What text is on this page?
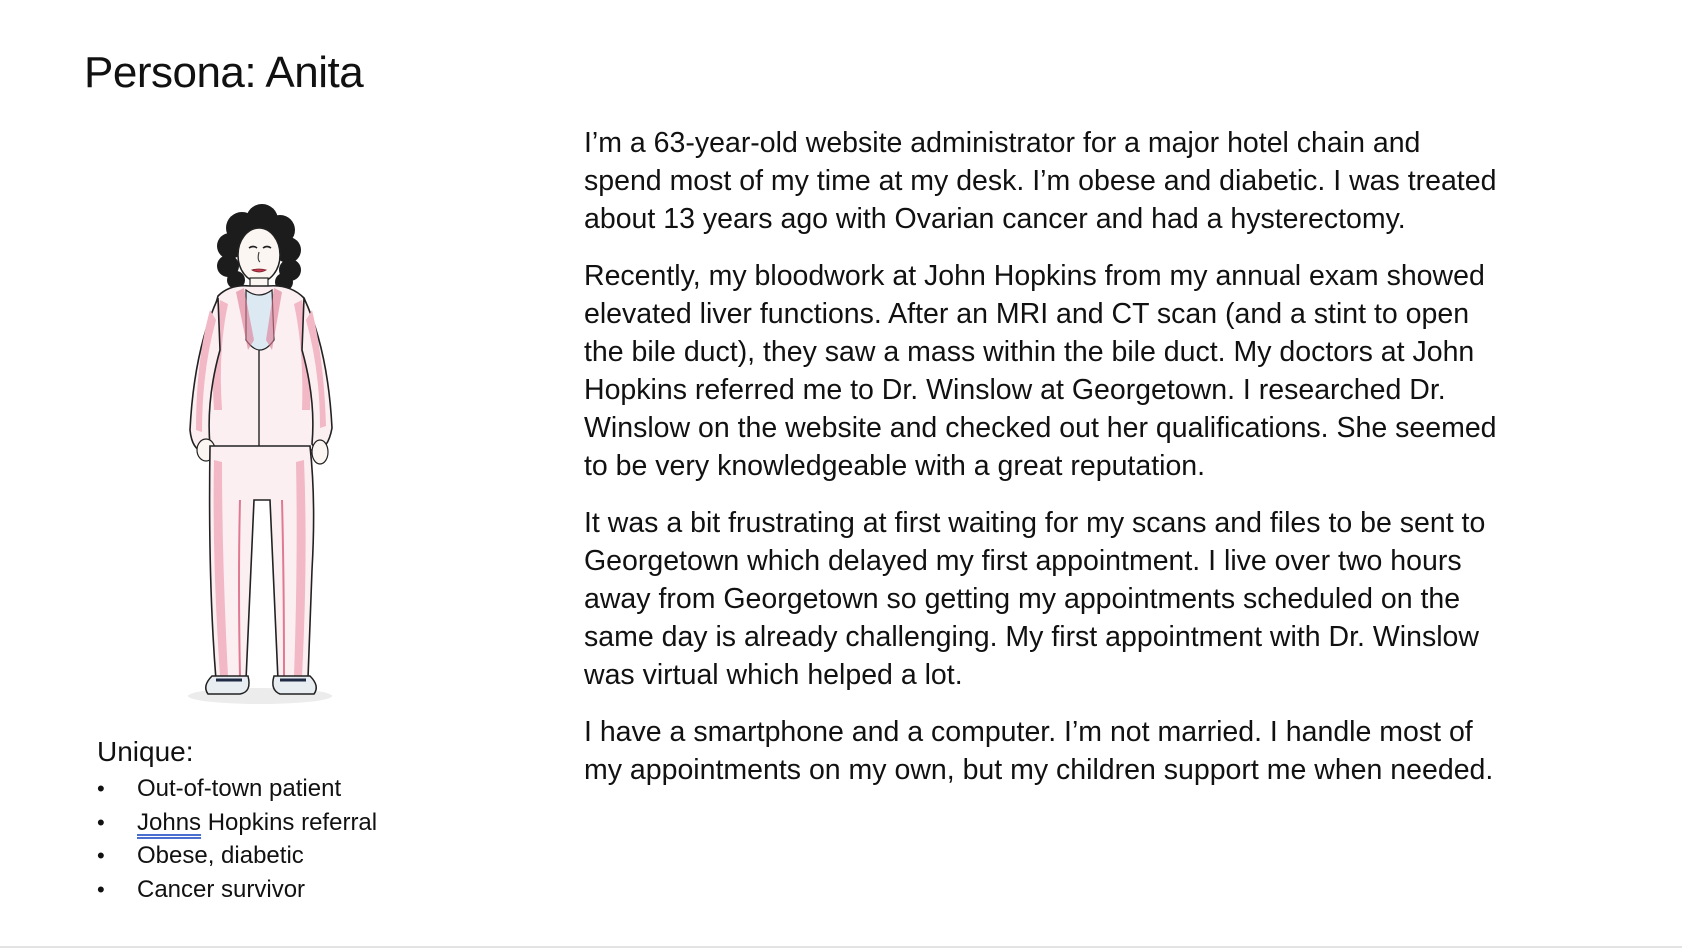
Persona: Anita
Unique:
• Out-of-town patient
• Johns Hopkins referral
• Obese, diabetic
• Cancer survivor

I’m a 63-year-old website administrator for a major hotel chain and spend most of my time at my desk. I’m obese and diabetic. I was treated about 13 years ago with Ovarian cancer and had a hysterectomy.

Recently, my bloodwork at John Hopkins from my annual exam showed elevated liver functions. After an MRI and CT scan (and a stint to open the bile duct), they saw a mass within the bile duct. My doctors at John Hopkins referred me to Dr. Winslow at Georgetown. I researched Dr. Winslow on the website and checked out her qualifications. She seemed to be very knowledgeable with a great reputation.

It was a bit frustrating at first waiting for my scans and files to be sent to Georgetown which delayed my first appointment. I live over two hours away from Georgetown so getting my appointments scheduled on the same day is already challenging. My first appointment with Dr. Winslow was virtual which helped a lot.

I have a smartphone and a computer. I’m not married. I handle most of my appointments on my own, but my children support me when needed.
